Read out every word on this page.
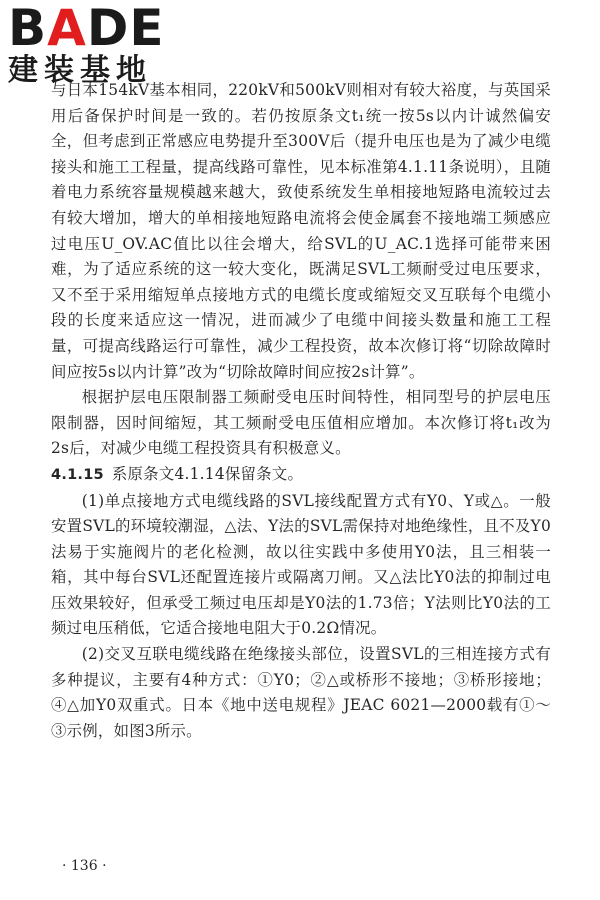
BADE
建装基地

与日本154kV基本相同，220kV和500kV则相对有较大裕度，与英国采用后备保护时间是一致的。若仍按原条文t₁统一按5s以内计诚然偏安全，但考虑到正常感应电势提升至300V后（提升电压也是为了减少电缆接头和施工工程量，提高线路可靠性，见本标准第4.1.11条说明），且随着电力系统容量规模越来越大，致使系统发生单相接地短路电流较过去有较大增加，增大的单相接地短路电流将会使金属套不接地端工频感应过电压U_OV.AC值比以往会增大，给SVL的U_AC.1选择可能带来困难，为了适应系统的这一较大变化，既满足SVL工频耐受过电压要求，又不至于采用缩短单点接地方式的电缆长度或缩短交叉互联每个电缆小段的长度来适应这一情况，进而减少了电缆中间接头数量和施工工程量，可提高线路运行可靠性，减少工程投资，故本次修订将“切除故障时间应按5s以内计算”改为“切除故障时间应按2s计算”。

根据护层电压限制器工频耐受电压时间特性，相同型号的护层电压限制器，因时间缩短，其工频耐受电压值相应增加。本次修订将t₁改为2s后，对减少电缆工程投资具有积极意义。

4.1.15 系原条文4.1.14保留条文。

(1)单点接地方式电缆线路的SVL接线配置方式有Y0、Y或△。一般安置SVL的环境较潮湿，△法、Y法的SVL需保持对地绝缘性，且不及Y0法易于实施阀片的老化检测，故以往实践中多使用Y0法，且三相装一箱，其中每台SVL还配置连接片或隔离刀闸。又△法比Y0法的抑制过电压效果较好，但承受工频过电压却是Y0法的1.73倍；Y法则比Y0法的工频过电压稍低，它适合接地电阻大于0.2Ω情况。

(2)交叉互联电缆线路在绝缘接头部位，设置SVL的三相连接方式有多种提议，主要有4种方式：①Y0；②△或桥形不接地；③桥形接地；④△加Y0双重式。日本《地中送电规程》JEAC 6021—2000载有①～③示例，如图3所示。

· 136 ·
